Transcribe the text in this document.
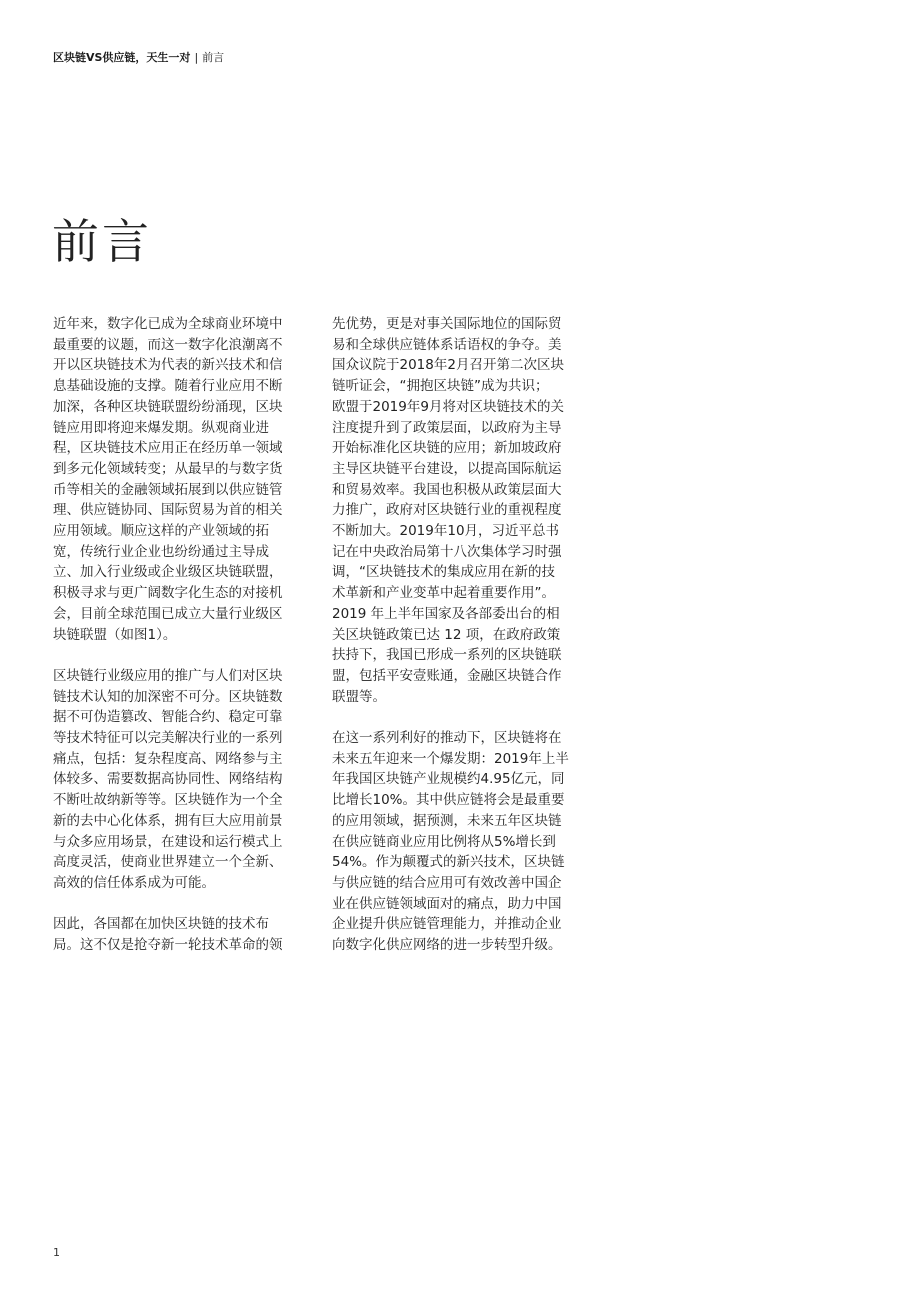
区块链VS供应链，天生一对 | 前言
前言
近年来，数字化已成为全球商业环境中
最重要的议题，而这一数字化浪潮离不
开以区块链技术为代表的新兴技术和信
息基础设施的支撑。随着行业应用不断
加深，各种区块链联盟纷纷涌现，区块
链应用即将迎来爆发期。纵观商业进
程，区块链技术应用正在经历单一领域
到多元化领域转变；从最早的与数字货
币等相关的金融领域拓展到以供应链管
理、供应链协同、国际贸易为首的相关
应用领域。顺应这样的产业领域的拓
宽，传统行业企业也纷纷通过主导成
立、加入行业级或企业级区块链联盟，
积极寻求与更广阔数字化生态的对接机
会，目前全球范围已成立大量行业级区
块链联盟（如图1）。
区块链行业级应用的推广与人们对区块
链技术认知的加深密不可分。区块链数
据不可伪造篡改、智能合约、稳定可靠
等技术特征可以完美解决行业的一系列
痛点，包括：复杂程度高、网络参与主
体较多、需要数据高协同性、网络结构
不断吐故纳新等等。区块链作为一个全
新的去中心化体系，拥有巨大应用前景
与众多应用场景，在建设和运行模式上
高度灵活，使商业世界建立一个全新、
高效的信任体系成为可能。
因此，各国都在加快区块链的技术布
局。这不仅是抢夺新一轮技术革命的领
先优势，更是对事关国际地位的国际贸
易和全球供应链体系话语权的争夺。美
国众议院于2018年2月召开第二次区块
链听证会，“拥抱区块链”成为共识；
欧盟于2019年9月将对区块链技术的关
注度提升到了政策层面，以政府为主导
开始标准化区块链的应用；新加坡政府
主导区块链平台建设，以提高国际航运
和贸易效率。我国也积极从政策层面大
力推广，政府对区块链行业的重视程度
不断加大。2019年10月，习近平总书
记在中央政治局第十八次集体学习时强
调，“区块链技术的集成应用在新的技
术革新和产业变革中起着重要作用”。
2019 年上半年国家及各部委出台的相
关区块链政策已达 12 项，在政府政策
扶持下，我国已形成一系列的区块链联
盟，包括平安壹账通，金融区块链合作
联盟等。
在这一系列利好的推动下，区块链将在
未来五年迎来一个爆发期：2019年上半
年我国区块链产业规模约4.95亿元，同
比增长10%。其中供应链将会是最重要
的应用领域，据预测，未来五年区块链
在供应链商业应用比例将从5%增长到
54%。作为颠覆式的新兴技术，区块链
与供应链的结合应用可有效改善中国企
业在供应链领域面对的痛点，助力中国
企业提升供应链管理能力，并推动企业
向数字化供应网络的进一步转型升级。
1
